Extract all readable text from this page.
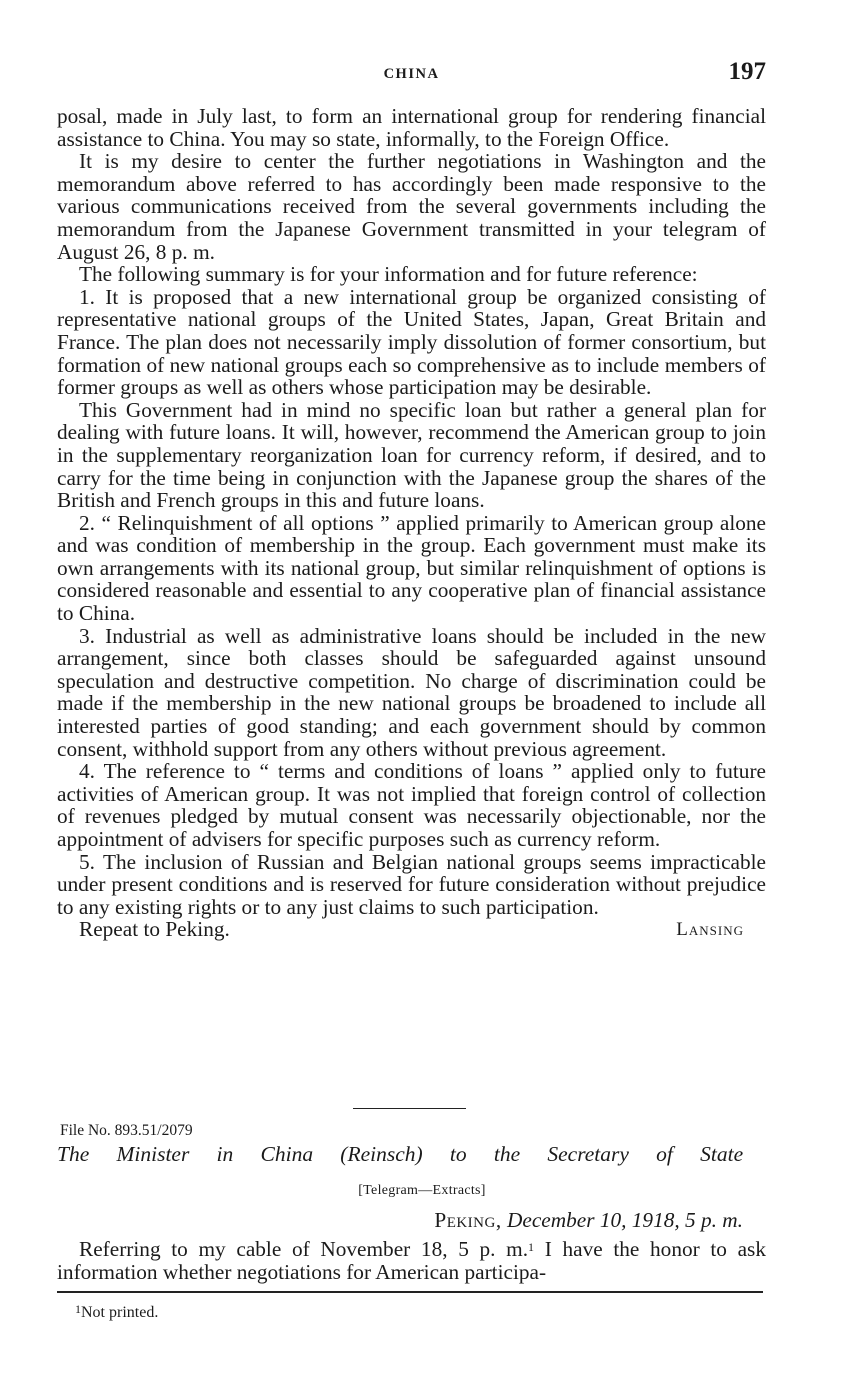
CHINA	197

posal, made in July last, to form an international group for rendering financial assistance to China. You may so state, informally, to the Foreign Office.

It is my desire to center the further negotiations in Washington and the memorandum above referred to has accordingly been made responsive to the various communications received from the several governments including the memorandum from the Japanese Government transmitted in your telegram of August 26, 8 p. m.

The following summary is for your information and for future reference:

1. It is proposed that a new international group be organized consisting of representative national groups of the United States, Japan, Great Britain and France. The plan does not necessarily imply dissolution of former consortium, but formation of new national groups each so comprehensive as to include members of former groups as well as others whose participation may be desirable.

This Government had in mind no specific loan but rather a general plan for dealing with future loans. It will, however, recommend the American group to join in the supplementary reorganization loan for currency reform, if desired, and to carry for the time being in conjunction with the Japanese group the shares of the British and French groups in this and future loans.

2. “ Relinquishment of all options ” applied primarily to American group alone and was condition of membership in the group. Each government must make its own arrangements with its national group, but similar relinquishment of options is considered reasonable and essential to any cooperative plan of financial assistance to China.

3. Industrial as well as administrative loans should be included in the new arrangement, since both classes should be safeguarded against unsound speculation and destructive competition. No charge of discrimination could be made if the membership in the new national groups be broadened to include all interested parties of good standing; and each government should by common consent, withhold support from any others without previous agreement.

4. The reference to “ terms and conditions of loans ” applied only to future activities of American group. It was not implied that foreign control of collection of revenues pledged by mutual consent was necessarily objectionable, nor the appointment of advisers for specific purposes such as currency reform.

5. The inclusion of Russian and Belgian national groups seems impracticable under present conditions and is reserved for future consideration without prejudice to any existing rights or to any just claims to such participation.

Repeat to Peking.	Lansing
File No. 893.51/2079
The Minister in China (Reinsch) to the Secretary of State
[Telegram—Extracts]
Peking, December 10, 1918, 5 p. m.

Referring to my cable of November 18, 5 p. m.$^1$ I have the honor to ask information whether negotiations for American participa-

$^1$Not printed.
